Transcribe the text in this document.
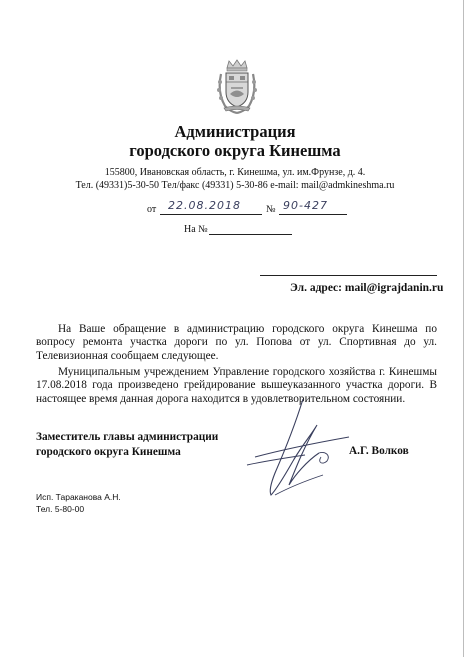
Администрация
городского округа Кинешма
155800, Ивановская область, г. Кинешма, ул. им.Фрунзе, д. 4.
Тел. (49331)5-30-50 Тел/факс (49331) 5-30-86 e-mail: mail@admkineshma.ru
от 22.08.2018	№ 90-427
На №
Эл. адрес: mail@igrajdanin.ru
На Ваше обращение в администрацию городского округа Кинешма по вопросу ремонта участка дороги по ул. Попова от ул. Спортивная до ул. Телевизионная сообщаем следующее.
Муниципальным учреждением Управление городского хозяйства г. Кинешмы 17.08.2018 года произведено грейдирование вышеуказанного участка дороги. В настоящее время данная дорога находится в удовлетворительном состоянии.
Заместитель главы администрации
городского округа Кинешма	А.Г. Волков
Исп. Тараканова А.Н.
Тел. 5-80-00
